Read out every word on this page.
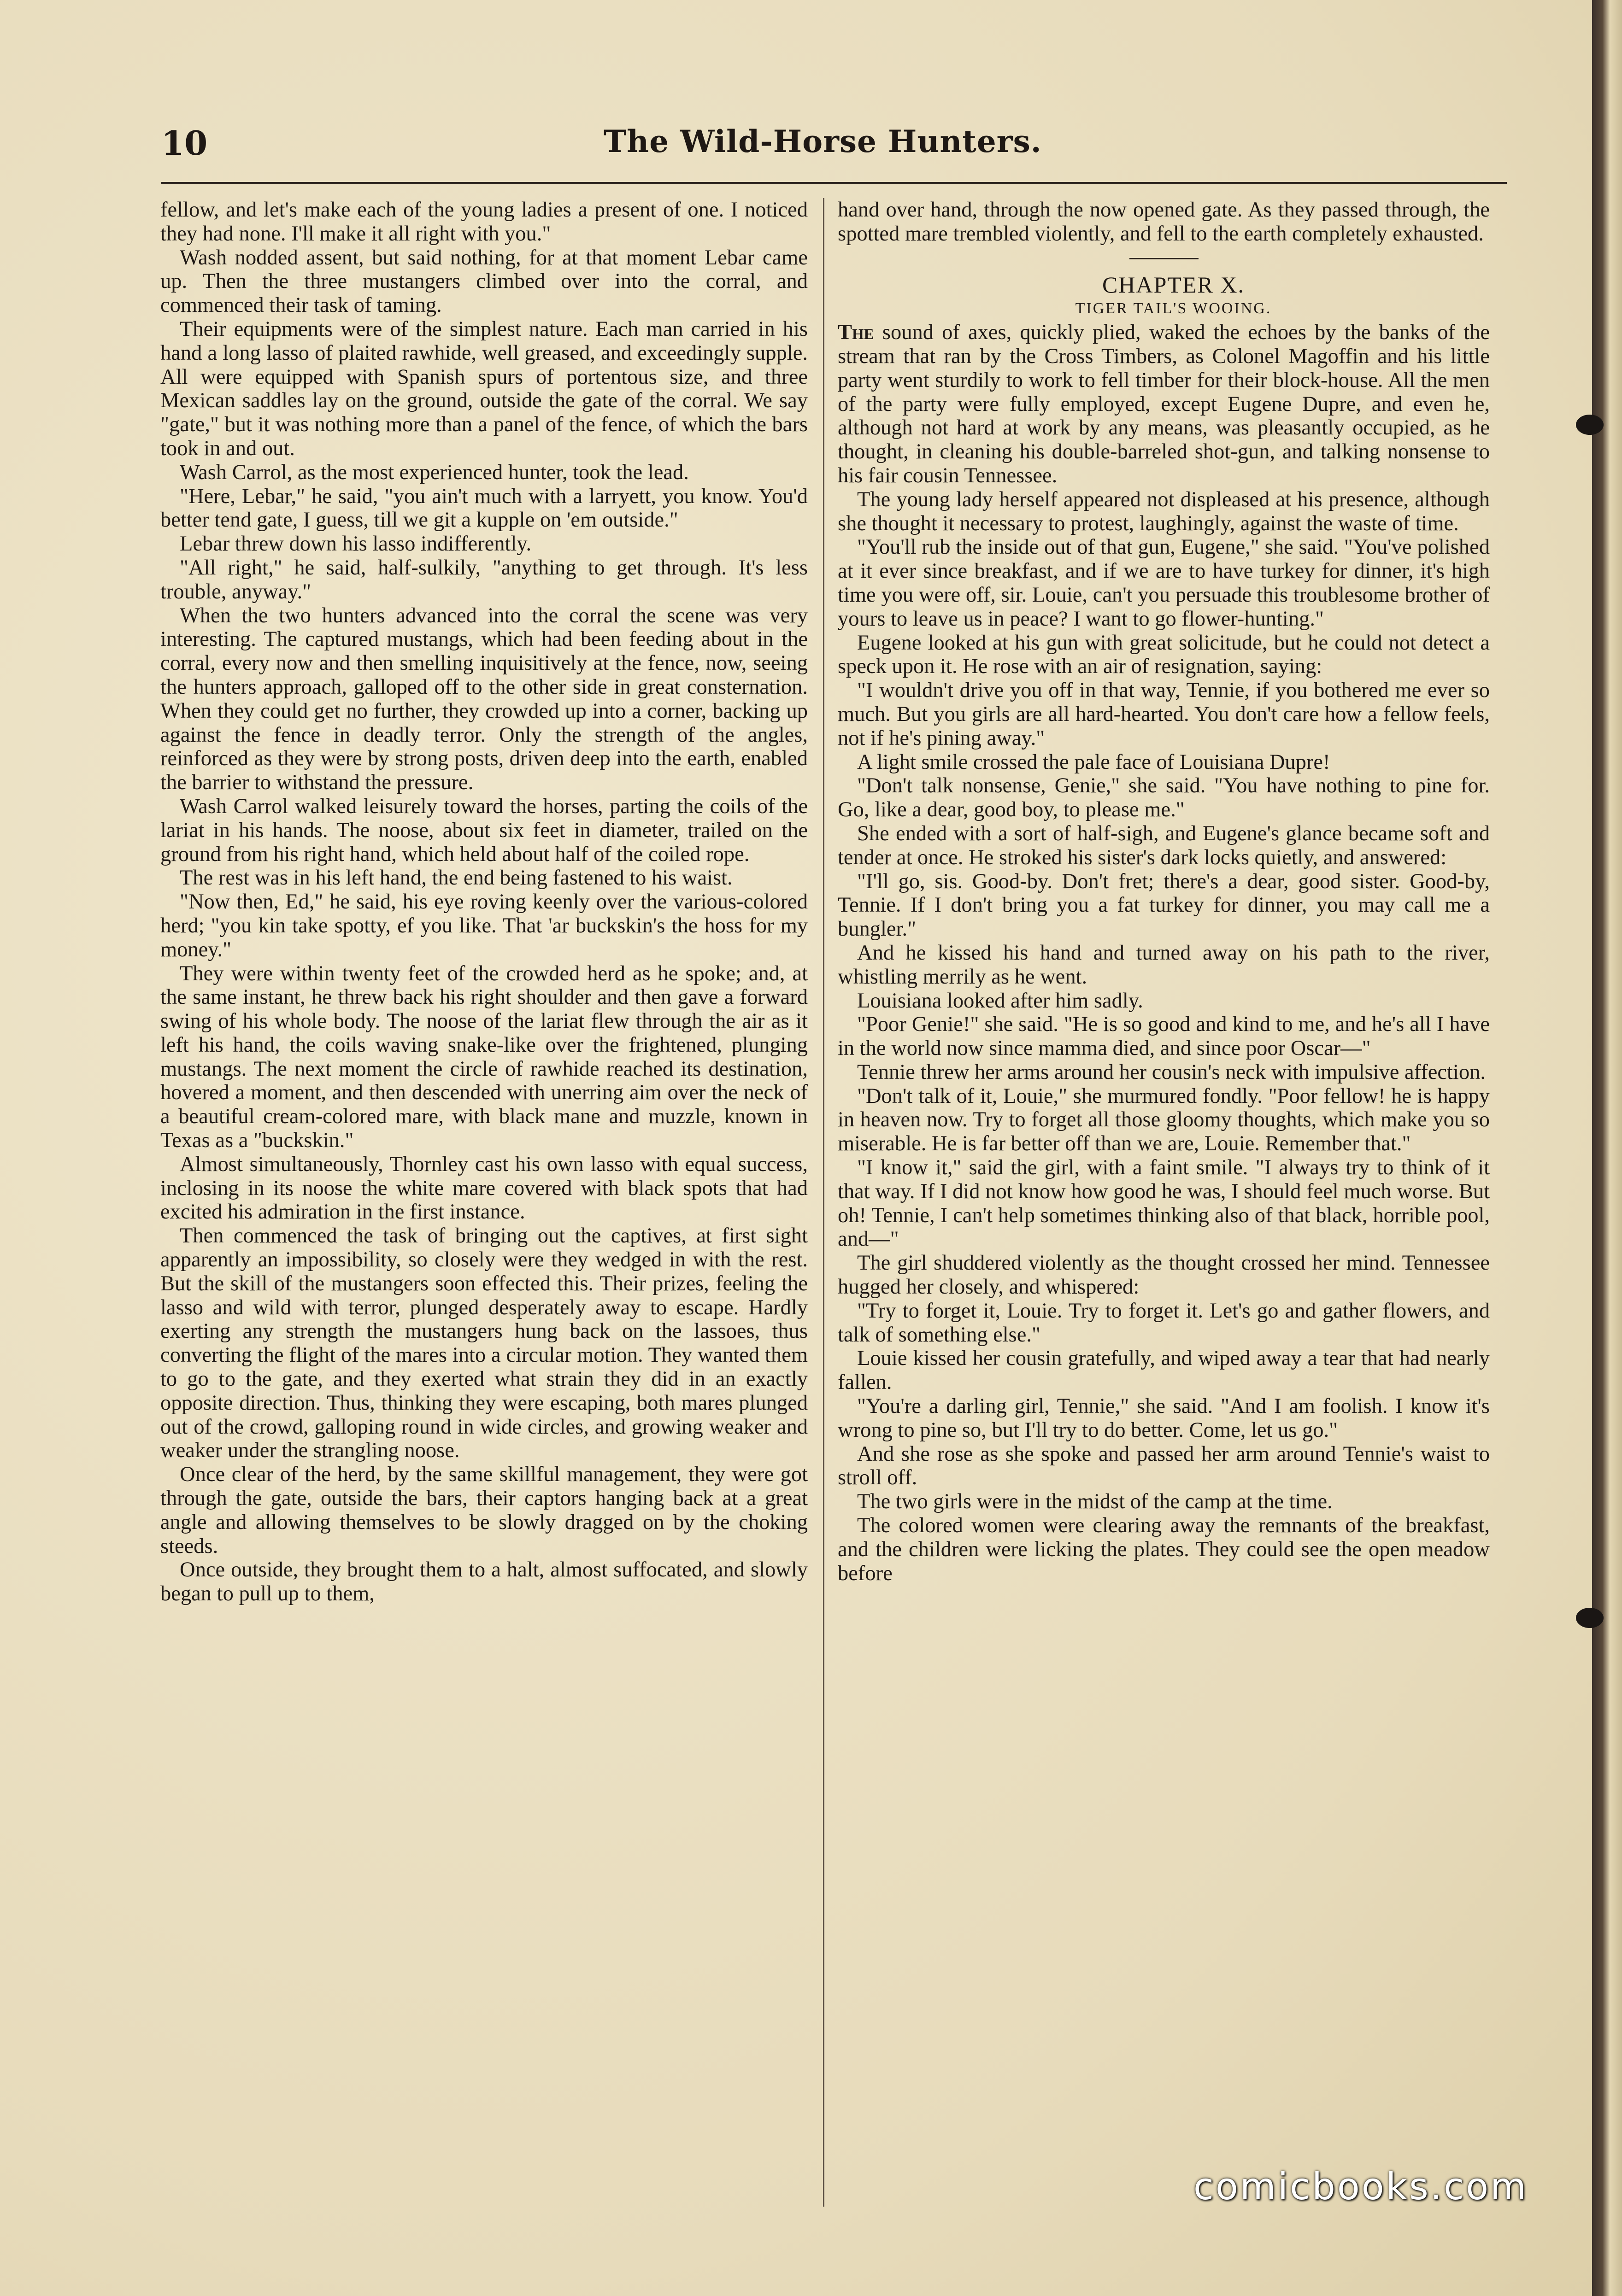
10	The Wild-Horse Hunters.

fellow, and let's make each of the young ladies a present of one. I noticed they had none. I'll make it all right with you."

Wash nodded assent, but said nothing, for at that moment Lebar came up. Then the three mustangers climbed over into the corral, and commenced their task of taming.

Their equipments were of the simplest nature. Each man carried in his hand a long lasso of plaited rawhide, well greased, and exceedingly supple. All were equipped with Spanish spurs of portentous size, and three Mexican saddles lay on the ground, outside the gate of the corral. We say "gate," but it was nothing more than a panel of the fence, of which the bars took in and out.

Wash Carrol, as the most experienced hunter, took the lead.

"Here, Lebar," he said, "you ain't much with a larryett, you know. You'd better tend gate, I guess, till we git a kupple on 'em outside."

Lebar threw down his lasso indifferently.

"All right," he said, half-sulkily, "anything to get through. It's less trouble, anyway."

When the two hunters advanced into the corral the scene was very interesting. The captured mustangs, which had been feeding about in the corral, every now and then smelling inquisitively at the fence, now, seeing the hunters approach, galloped off to the other side in great consternation. When they could get no further, they crowded up into a corner, backing up against the fence in deadly terror. Only the strength of the angles, reinforced as they were by strong posts, driven deep into the earth, enabled the barrier to withstand the pressure.

Wash Carrol walked leisurely toward the horses, parting the coils of the lariat in his hands. The noose, about six feet in diameter, trailed on the ground from his right hand, which held about half of the coiled rope.

The rest was in his left hand, the end being fastened to his waist.

"Now then, Ed," he said, his eye roving keenly over the various-colored herd; "you kin take spotty, ef you like. That 'ar buckskin's the hoss for my money."

They were within twenty feet of the crowded herd as he spoke; and, at the same instant, he threw back his right shoulder and then gave a forward swing of his whole body. The noose of the lariat flew through the air as it left his hand, the coils waving snake-like over the frightened, plunging mustangs. The next moment the circle of rawhide reached its destination, hovered a moment, and then descended with unerring aim over the neck of a beautiful cream-colored mare, with black mane and muzzle, known in Texas as a "buckskin."

Almost simultaneously, Thornley cast his own lasso with equal success, inclosing in its noose the white mare covered with black spots that had excited his admiration in the first instance.

Then commenced the task of bringing out the captives, at first sight apparently an impossibility, so closely were they wedged in with the rest. But the skill of the mustangers soon effected this. Their prizes, feeling the lasso and wild with terror, plunged desperately away to escape. Hardly exerting any strength the mustangers hung back on the lassoes, thus converting the flight of the mares into a circular motion. They wanted them to go to the gate, and they exerted what strain they did in an exactly opposite direction. Thus, thinking they were escaping, both mares plunged out of the crowd, galloping round in wide circles, and growing weaker and weaker under the strangling noose.

Once clear of the herd, by the same skillful management, they were got through the gate, outside the bars, their captors hanging back at a great angle and allowing themselves to be slowly dragged on by the choking steeds.

Once outside, they brought them to a halt, almost suffocated, and slowly began to pull up to them,

hand over hand, through the now opened gate. As they passed through, the spotted mare trembled violently, and fell to the earth completely exhausted.

CHAPTER X.

TIGER TAIL'S WOOING.

The sound of axes, quickly plied, waked the echoes by the banks of the stream that ran by the Cross Timbers, as Colonel Magoffin and his little party went sturdily to work to fell timber for their block-house. All the men of the party were fully employed, except Eugene Dupre, and even he, although not hard at work by any means, was pleasantly occupied, as he thought, in cleaning his double-barreled shot-gun, and talking nonsense to his fair cousin Tennessee.

The young lady herself appeared not displeased at his presence, although she thought it necessary to protest, laughingly, against the waste of time.

"You'll rub the inside out of that gun, Eugene," she said. "You've polished at it ever since breakfast, and if we are to have turkey for dinner, it's high time you were off, sir. Louie, can't you persuade this troublesome brother of yours to leave us in peace? I want to go flower-hunting."

Eugene looked at his gun with great solicitude, but he could not detect a speck upon it. He rose with an air of resignation, saying:

"I wouldn't drive you off in that way, Tennie, if you bothered me ever so much. But you girls are all hard-hearted. You don't care how a fellow feels, not if he's pining away."

A light smile crossed the pale face of Louisiana Dupre!

"Don't talk nonsense, Genie," she said. "You have nothing to pine for. Go, like a dear, good boy, to please me."

She ended with a sort of half-sigh, and Eugene's glance became soft and tender at once. He stroked his sister's dark locks quietly, and answered:

"I'll go, sis. Good-by. Don't fret; there's a dear, good sister. Good-by, Tennie. If I don't bring you a fat turkey for dinner, you may call me a bungler."

And he kissed his hand and turned away on his path to the river, whistling merrily as he went.

Louisiana looked after him sadly.

"Poor Genie!" she said. "He is so good and kind to me, and he's all I have in the world now since mamma died, and since poor Oscar—"

Tennie threw her arms around her cousin's neck with impulsive affection.

"Don't talk of it, Louie," she murmured fondly. "Poor fellow! he is happy in heaven now. Try to forget all those gloomy thoughts, which make you so miserable. He is far better off than we are, Louie. Remember that."

"I know it," said the girl, with a faint smile. "I always try to think of it that way. If I did not know how good he was, I should feel much worse. But oh! Tennie, I can't help sometimes thinking also of that black, horrible pool, and—"

The girl shuddered violently as the thought crossed her mind. Tennessee hugged her closely, and whispered:

"Try to forget it, Louie. Try to forget it. Let's go and gather flowers, and talk of something else."

Louie kissed her cousin gratefully, and wiped away a tear that had nearly fallen.

"You're a darling girl, Tennie," she said. "And I am foolish. I know it's wrong to pine so, but I'll try to do better. Come, let us go."

And she rose as she spoke and passed her arm around Tennie's waist to stroll off.

The two girls were in the midst of the camp at the time.

The colored women were clearing away the remnants of the breakfast, and the children were licking the plates. They could see the open meadow before

comicbooks.com
